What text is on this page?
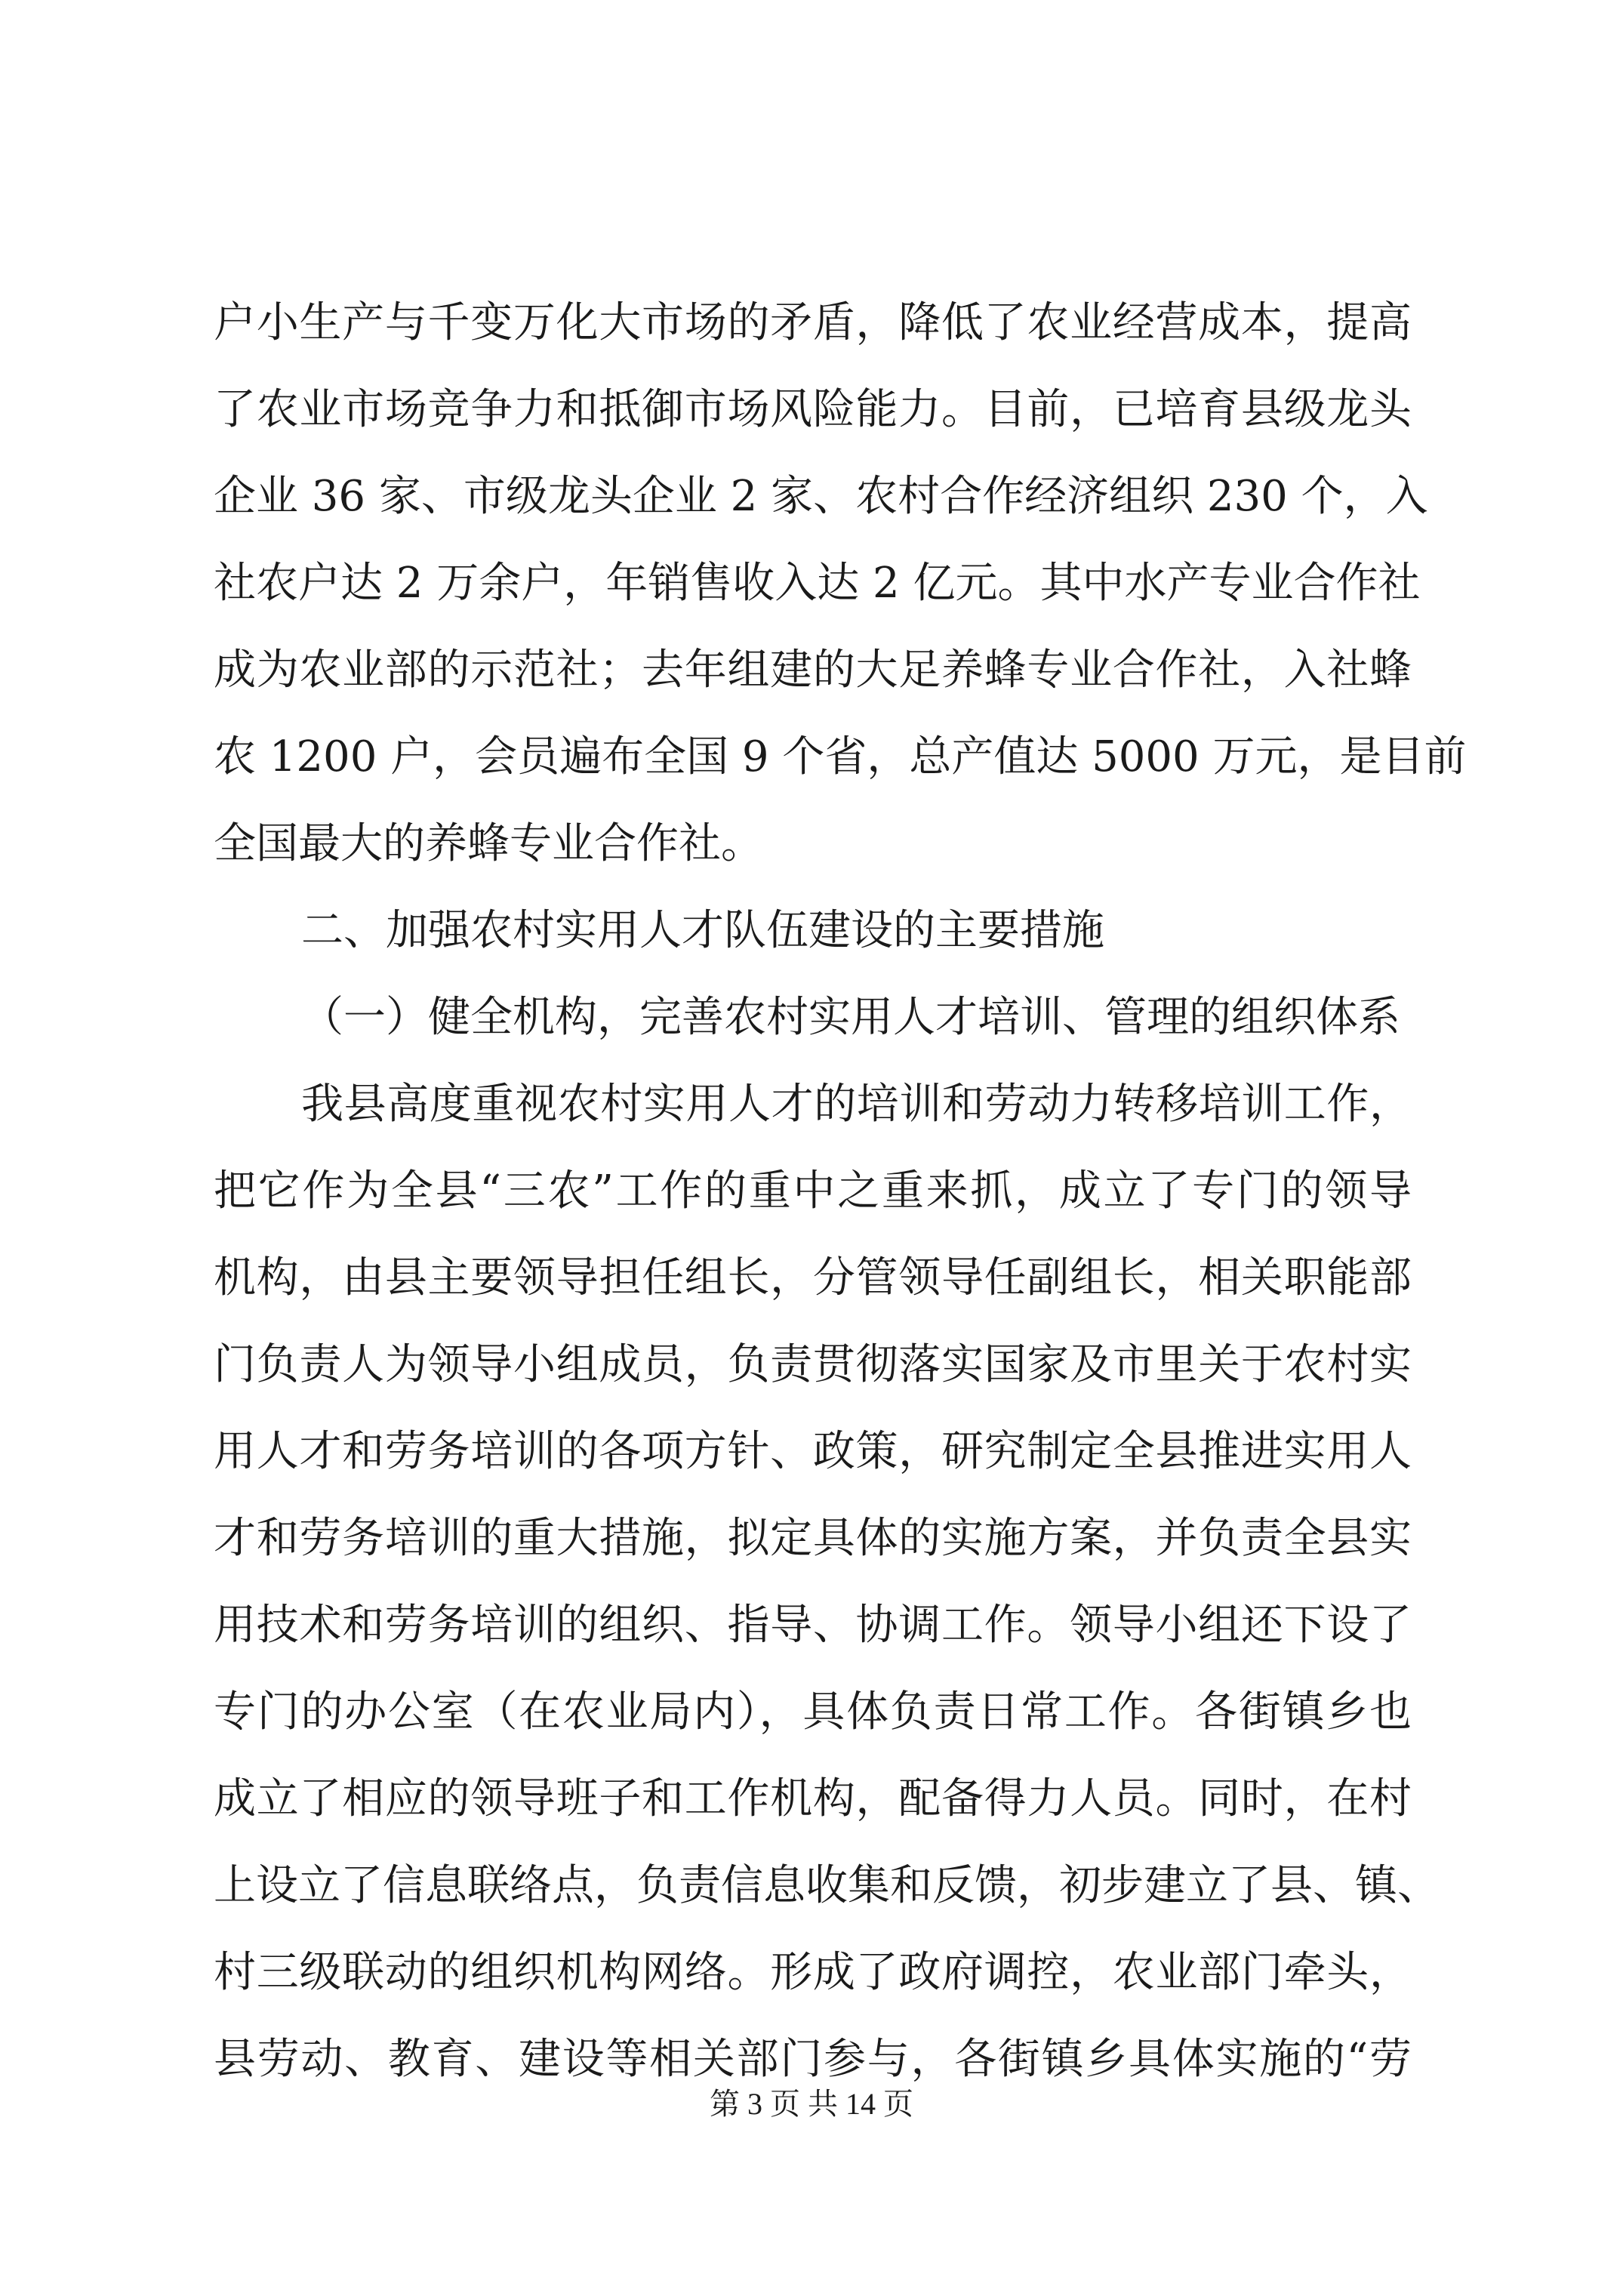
户小生产与千变万化大市场的矛盾，降低了农业经营成本，提高
了农业市场竞争力和抵御市场风险能力。目前，已培育县级龙头
企业 36 家、市级龙头企业 2 家、农村合作经济组织 230 个，入
社农户达 2 万余户，年销售收入达 2 亿元。其中水产专业合作社
成为农业部的示范社；去年组建的大足养蜂专业合作社，入社蜂
农 1200 户，会员遍布全国 9 个省，总产值达 5000 万元，是目前
全国最大的养蜂专业合作社。
二、加强农村实用人才队伍建设的主要措施
（一）健全机构，完善农村实用人才培训、管理的组织体系
我县高度重视农村实用人才的培训和劳动力转移培训工作，
把它作为全县“三农”工作的重中之重来抓，成立了专门的领导
机构，由县主要领导担任组长，分管领导任副组长，相关职能部
门负责人为领导小组成员，负责贯彻落实国家及市里关于农村实
用人才和劳务培训的各项方针、政策，研究制定全县推进实用人
才和劳务培训的重大措施，拟定具体的实施方案，并负责全县实
用技术和劳务培训的组织、指导、协调工作。领导小组还下设了
专门的办公室（在农业局内），具体负责日常工作。各街镇乡也
成立了相应的领导班子和工作机构，配备得力人员。同时，在村
上设立了信息联络点，负责信息收集和反馈，初步建立了县、镇、
村三级联动的组织机构网络。形成了政府调控，农业部门牵头，
县劳动、教育、建设等相关部门参与，各街镇乡具体实施的“劳
第 3 页 共 14 页
